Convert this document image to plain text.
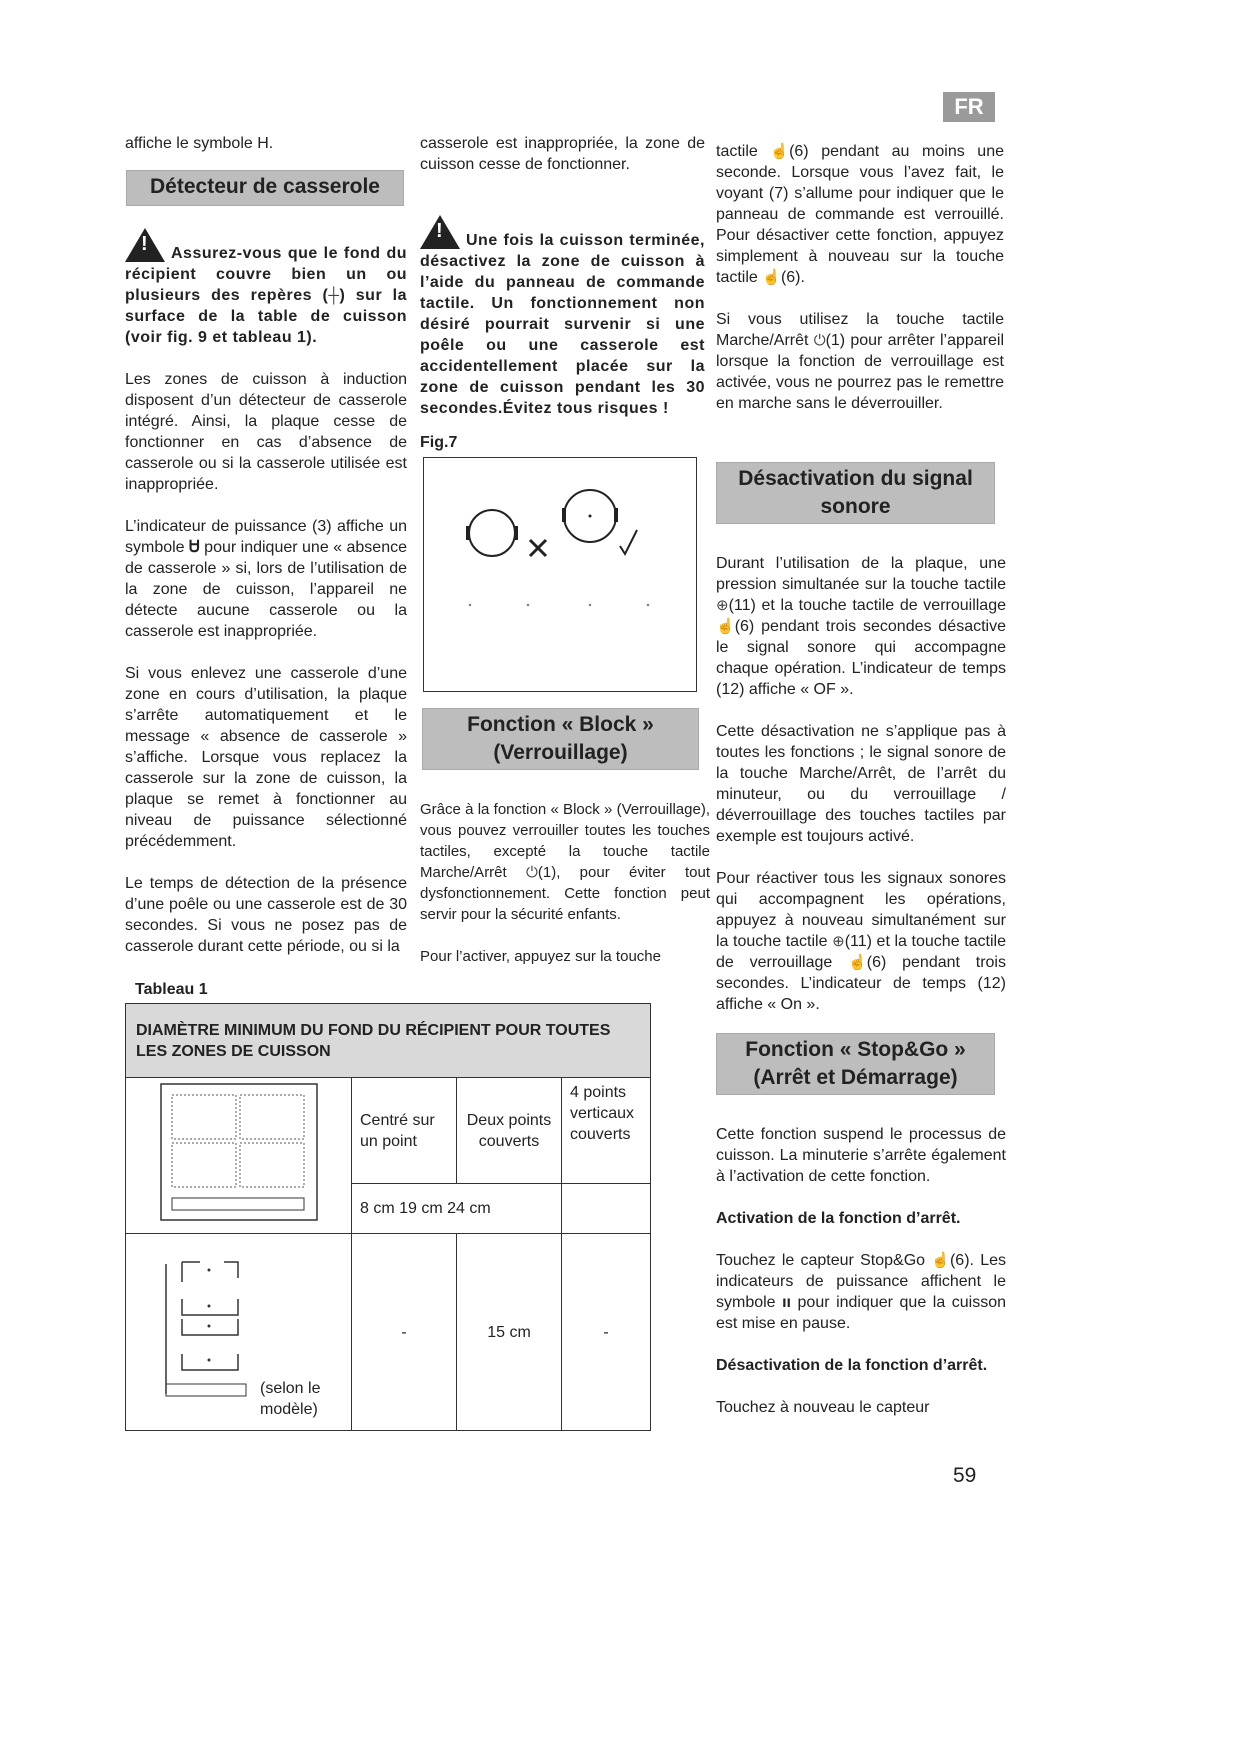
FR

affiche le symbole H.

Détecteur de casserole

!Assurez-vous que le fond du récipient couvre bien un ou plusieurs des repères (┼) sur la surface de la table de cuisson (voir fig. 9 et tableau 1).

Les zones de cuisson à induction disposent d’un détecteur de casserole intégré. Ainsi, la plaque cesse de fonctionner en cas d’absence de casserole ou si la casserole utilisée est inappropriée.

L’indicateur de puissance (3) affiche un symbole Ꮜ pour indiquer une « absence de casserole » si, lors de l’utilisation de la zone de cuisson, l’appareil ne détecte aucune casserole ou la casserole est inappropriée.

Si vous enlevez une casserole d’une zone en cours d’utilisation, la plaque s’arrête automatiquement et le message « absence de casserole » s’affiche. Lorsque vous replacez la casserole sur la zone de cuisson, la plaque se remet à fonctionner au niveau de puissance sélectionné précédemment.

Le temps de détection de la présence d’une poêle ou une casserole est de 30 secondes. Si vous ne posez pas de casserole durant cette période, ou si la

casserole est inappropriée, la zone de cuisson cesse de fonctionner.

!Une fois la cuisson terminée, désactivez la zone de cuisson à l’aide du panneau de commande tactile. Un fonctionnement non désiré pourrait survenir si une poêle ou une casserole est accidentellement placée sur la zone de cuisson pendant les 30 secondes.Évitez tous risques !

Fig.7
Fonction « Block » (Verrouillage)

Grâce à la fonction « Block » (Verrouillage), vous pouvez verrouiller toutes les touches tactiles, excepté la touche tactile Marche/Arrêt ⏻(1), pour éviter tout dysfonctionnement. Cette fonction peut servir pour la sécurité enfants.

Pour l’activer, appuyez sur la touche

tactile ☝(6) pendant au moins une seconde. Lorsque vous l’avez fait, le voyant (7) s’allume pour indiquer que le panneau de commande est verrouillé. Pour désactiver cette fonction, appuyez simplement à nouveau sur la touche tactile ☝(6).

Si vous utilisez la touche tactile Marche/Arrêt ⏻(1) pour arrêter l’appareil lorsque la fonction de verrouillage est activée, vous ne pourrez pas le remettre en marche sans le déverrouiller.

Désactivation du signal sonore

Durant l’utilisation de la plaque, une pression simultanée sur la touche tactile ⊕(11) et la touche tactile de verrouillage ☝(6) pendant trois secondes désactive le signal sonore qui accompagne chaque opération. L’indicateur de temps (12) affiche « OF ».

Cette désactivation ne s’applique pas à toutes les fonctions ; le signal sonore de la touche Marche/Arrêt, de l’arrêt du minuteur, ou du verrouillage / déverrouillage des touches tactiles par exemple est toujours activé.

Pour réactiver tous les signaux sonores qui accompagnent les opérations, appuyez à nouveau simultanément sur la touche tactile ⊕(11) et la touche tactile de verrouillage ☝(6) pendant trois secondes. L’indicateur de temps (12) affiche « On ».

Fonction « Stop&Go » (Arrêt et Démarrage)

Cette fonction suspend le processus de cuisson. La minuterie s’arrête également à l’activation de cette fonction.

Activation de la fonction d’arrêt.

Touchez le capteur Stop&Go ☝(6). Les indicateurs de puissance affichent le symbole ıı pour indiquer que la cuisson est mise en pause.

Désactivation de la fonction d’arrêt.

Touchez à nouveau le capteur

Tableau 1
DIAMÈTRE MINIMUM DU FOND DU RÉCIPIENT POUR TOUTES LES ZONES DE CUISSON			
	Centré sur un point	Deux points couverts	4 points verticaux couverts
	8 cm 19 cm 24 cm		

(selon le modèle)	-	15 cm	-
59
